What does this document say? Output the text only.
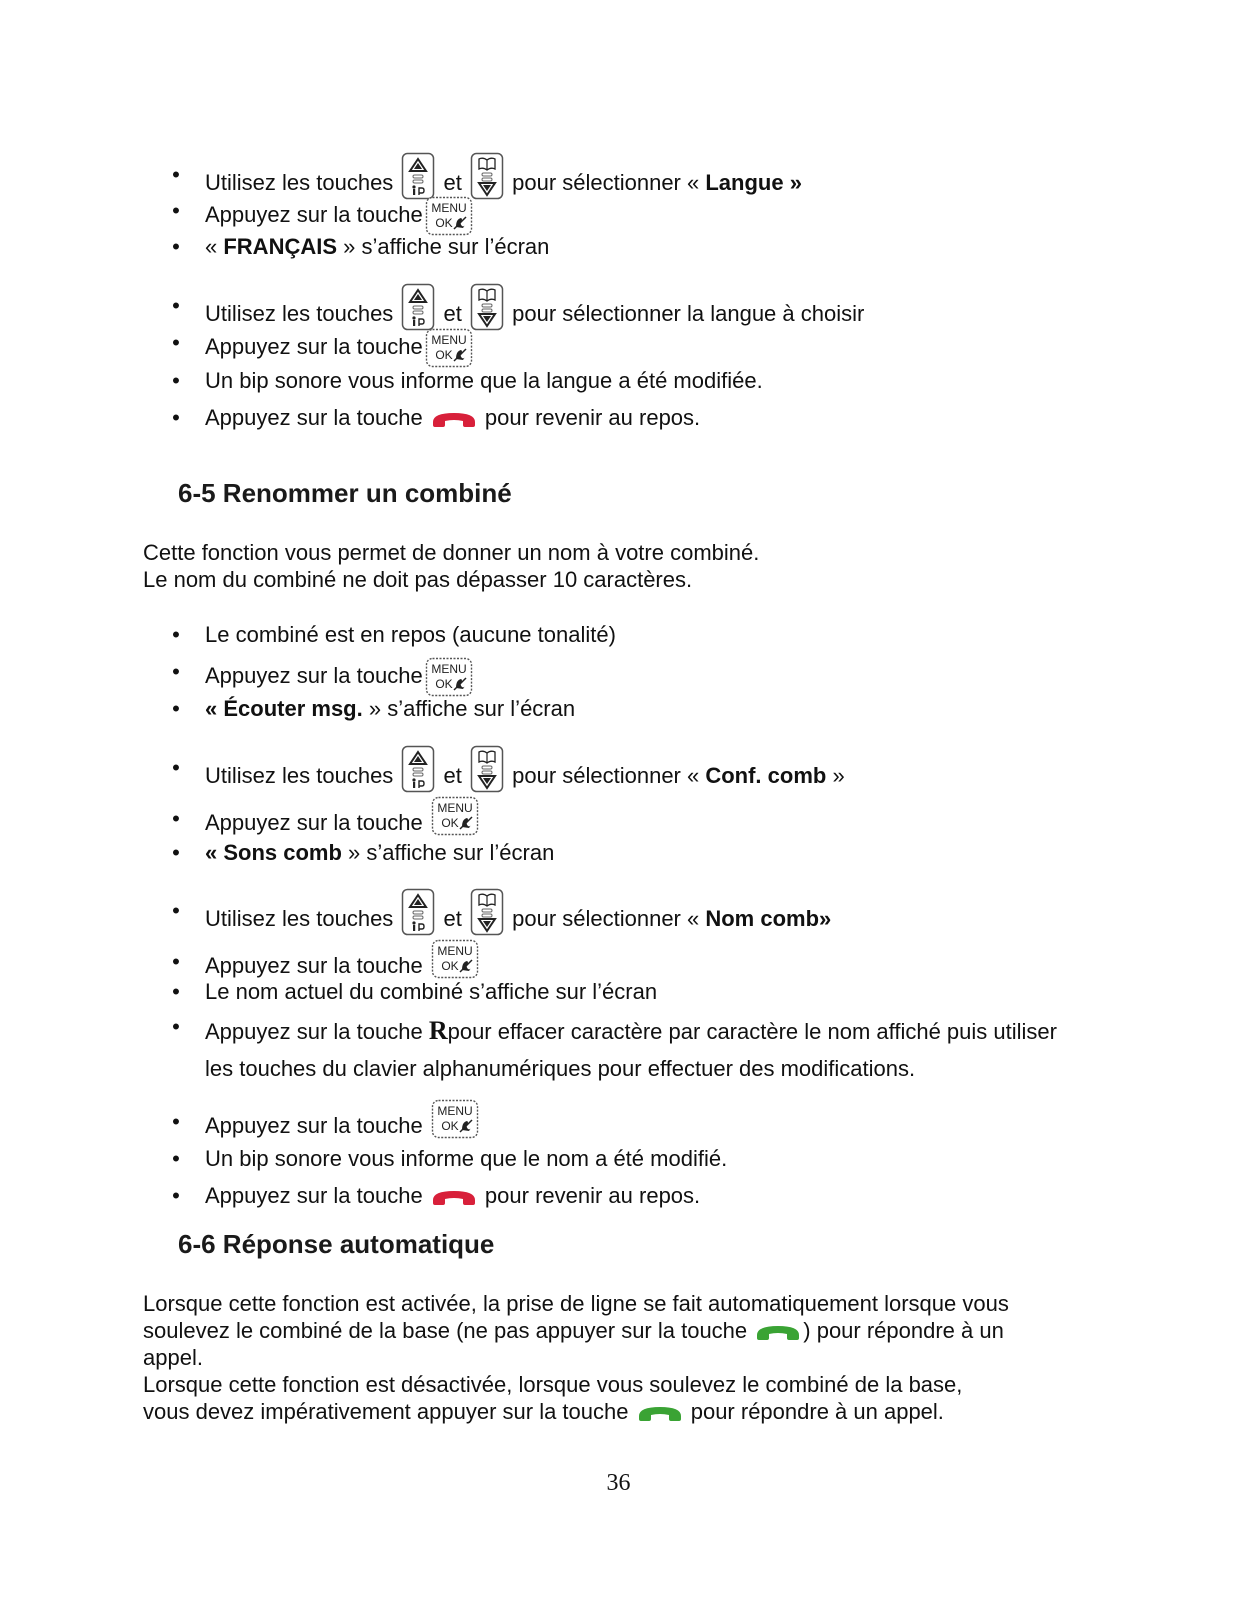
• Utilisez les touches
et
pour sélectionner « Langue »
• Appuyez sur la touche MENU
OK
• « FRANÇAIS » s’affiche sur l’écran
• Utilisez les touches
et
pour sélectionner la langue à choisir
• Appuyez sur la touche MENU
OK
• Un bip sonore vous informe que la langue a été modifiée.
• Appuyez sur la touche
pour revenir au repos.
6-5 Renommer un combiné
Cette fonction vous permet de donner un nom à votre combiné.
Le nom du combiné ne doit pas dépasser 10 caractères.
• Le combiné est en repos (aucune tonalité)
• Appuyez sur la touche MENU
OK
• « Écouter msg. » s’affiche sur l’écran
• Utilisez les touches
et
pour sélectionner « Conf. comb »
• Appuyez sur la touche
MENU
OK
• « Sons comb » s’affiche sur l’écran
• Utilisez les touches
et
pour sélectionner « Nom comb»
• Appuyez sur la touche
MENU
OK
• Le nom actuel du combiné s’affiche sur l’écran
• Appuyez sur la touche Rpour effacer caractère par caractère le nom affiché puis utiliser les touches du clavier alphanumériques pour effectuer des modifications.
• Appuyez sur la touche
MENU
OK
• Un bip sonore vous informe que le nom a été modifié.
• Appuyez sur la touche
pour revenir au repos.
6-6 Réponse automatique
Lorsque cette fonction est activée, la prise de ligne se fait automatiquement lorsque vous
soulevez le combiné de la base (ne pas appuyer sur la touche
) pour répondre à un
appel.
Lorsque cette fonction est désactivée, lorsque vous soulevez le combiné de la base,
vous devez impérativement appuyer sur la touche
pour répondre à un appel.
36
